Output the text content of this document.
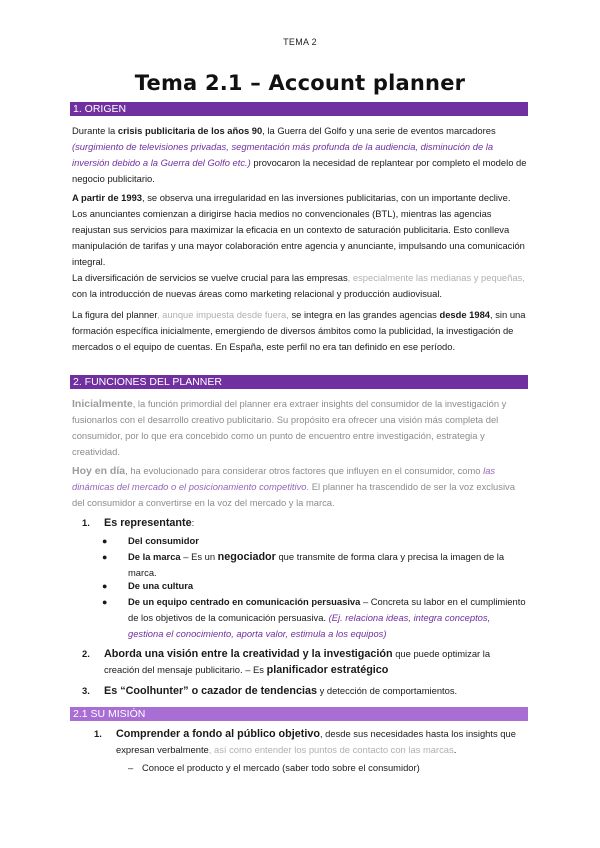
TEMA 2
Tema 2.1 – Account planner
1. ORIGEN
Durante la crisis publicitaria de los años 90, la Guerra del Golfo y una serie de eventos marcadores (surgimiento de televisiones privadas, segmentación más profunda de la audiencia, disminución de la inversión debido a la Guerra del Golfo etc.) provocaron la necesidad de replantear por completo el modelo de negocio publicitario.
A partir de 1993, se observa una irregularidad en las inversiones publicitarias, con un importante declive. Los anunciantes comienzan a dirigirse hacia medios no convencionales (BTL), mientras las agencias reajustan sus servicios para maximizar la eficacia en un contexto de saturación publicitaria. Esto conlleva manipulación de tarifas y una mayor colaboración entre agencia y anunciante, impulsando una comunicación integral.
La diversificación de servicios se vuelve crucial para las empresas, especialmente las medianas y pequeñas, con la introducción de nuevas áreas como marketing relacional y producción audiovisual.
La figura del planner, aunque impuesta desde fuera, se integra en las grandes agencias desde 1984, sin una formación específica inicialmente, emergiendo de diversos ámbitos como la publicidad, la investigación de mercados o el equipo de cuentas. En España, este perfil no era tan definido en ese período.
2. FUNCIONES DEL PLANNER
Inicialmente, la función primordial del planner era extraer insights del consumidor de la investigación y fusionarlos con el desarrollo creativo publicitario. Su propósito era ofrecer una visión más completa del consumidor, por lo que era concebido como un punto de encuentro entre investigación, estrategia y creatividad.
Hoy en día, ha evolucionado para considerar otros factores que influyen en el consumidor, como las dinámicas del mercado o el posicionamiento competitivo. El planner ha trascendido de ser la voz exclusiva del consumidor a convertirse en la voz del mercado y la marca.
1. Es representante:
● Del consumidor
● De la marca – Es un negociador que transmite de forma clara y precisa la imagen de la marca.
● De una cultura
● De un equipo centrado en comunicación persuasiva – Concreta su labor en el cumplimiento de los objetivos de la comunicación persuasiva. (Ej. relaciona ideas, integra conceptos, gestiona el conocimiento, aporta valor, estimula a los equipos)
2. Aborda una visión entre la creatividad y la investigación que puede optimizar la creación del mensaje publicitario. – Es planificador estratégico
3. Es “Coolhunter” o cazador de tendencias y detección de comportamientos.
2.1 SU MISIÓN
1. Comprender a fondo al público objetivo, desde sus necesidades hasta los insights que expresan verbalmente, así como entender los puntos de contacto con las marcas.
– Conoce el producto y el mercado (saber todo sobre el consumidor)
